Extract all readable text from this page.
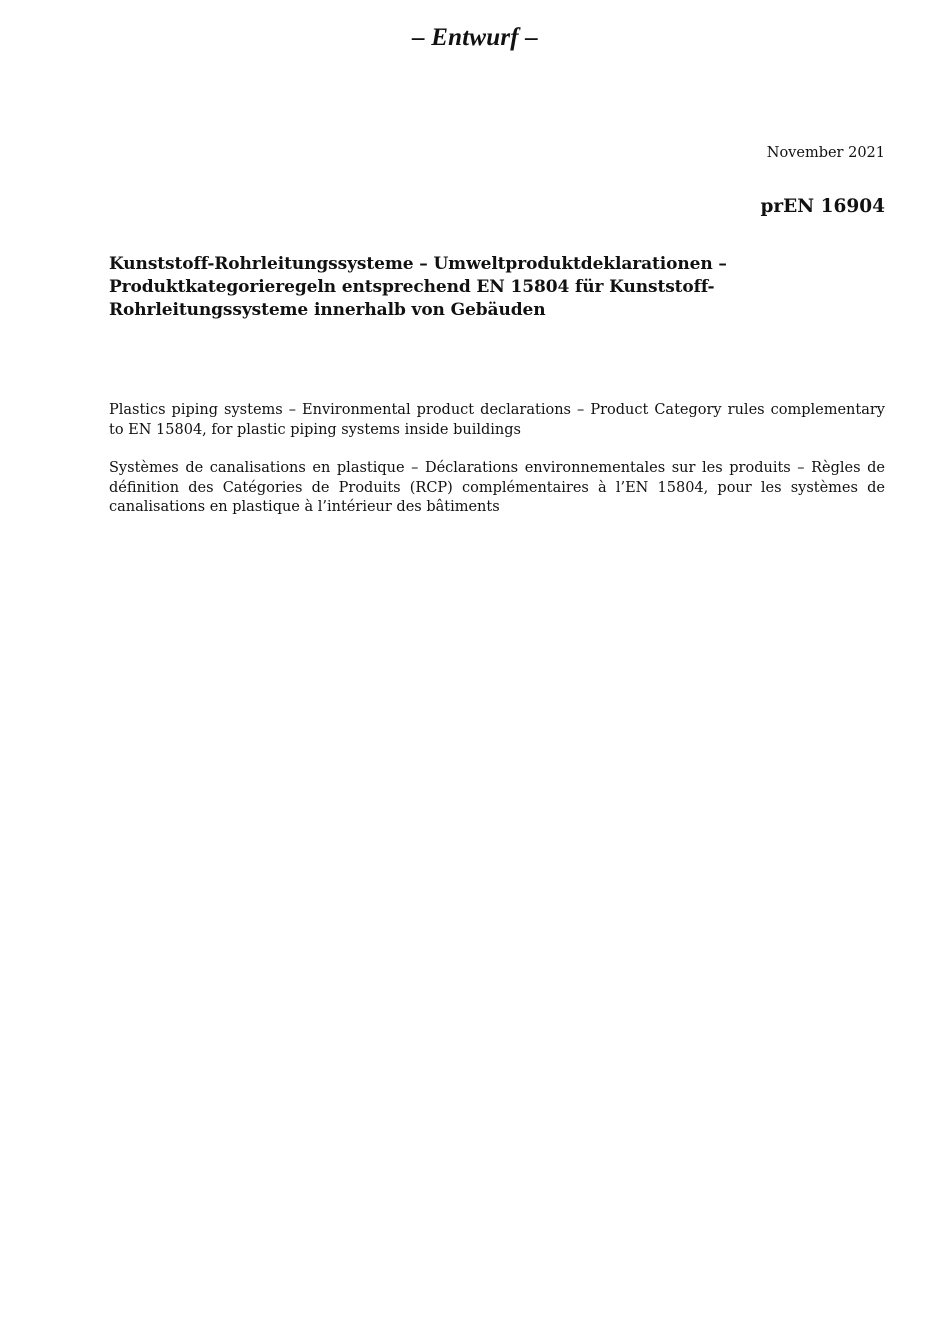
– Entwurf –
November 2021
prEN 16904
Kunststoff-Rohrleitungssysteme – Umweltproduktdeklarationen – Produktkategorieregeln entsprechend EN 15804 für Kunststoff-Rohrleitungssysteme innerhalb von Gebäuden
Plastics piping systems – Environmental product declarations – Product Category rules complementary to EN 15804, for plastic piping systems inside buildings
Systèmes de canalisations en plastique – Déclarations environnementales sur les produits – Règles de définition des Catégories de Produits (RCP) complémentaires à l’EN 15804, pour les systèmes de canalisations en plastique à l’intérieur des bâtiments
